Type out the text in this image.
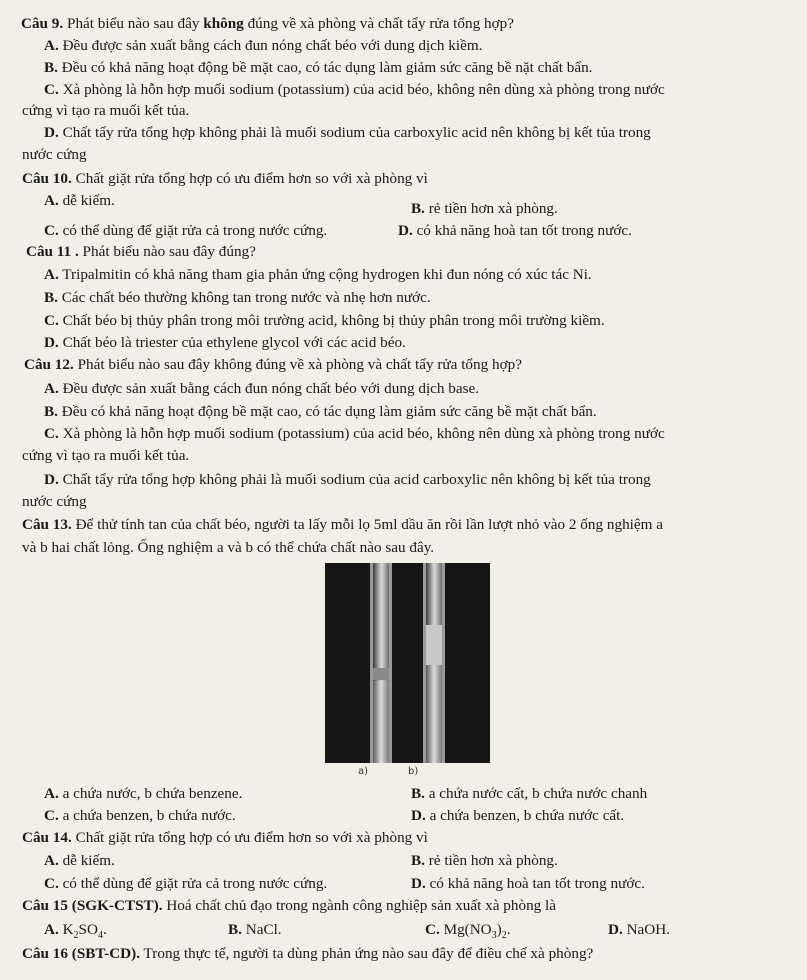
Câu 9. Phát biểu nào sau đây không đúng về xà phòng và chất tẩy rửa tổng hợp?
A. Đều được sản xuất bằng cách đun nóng chất béo với dung dịch kiềm.
B. Đều có khả năng hoạt động bề mặt cao, có tác dụng làm giảm sức căng bề nặt chất bẩn.
C. Xà phòng là hỗn hợp muối sodium (potassium) của acid béo, không nên dùng xà phòng trong nước
cứng vì tạo ra muối kết tủa.
D. Chất tẩy rửa tổng hợp không phải là muối sodium của carboxylic acid nên không bị kết tủa trong
nước cứng
Câu 10. Chất giặt rửa tổng hợp có ưu điểm hơn so với xà phòng vì
A. dễ kiếm.	B. rẻ tiền hơn xà phòng.
C. có thể dùng để giặt rửa cả trong nước cứng.	D. có khả năng hoà tan tốt trong nước.
Câu 11 . Phát biểu nào sau đây đúng?
A. Tripalmitin có khả năng tham gia phản ứng cộng hydrogen khi đun nóng có xúc tác Ni.
B. Các chất béo thường không tan trong nước và nhẹ hơn nước.
C. Chất béo bị thủy phân trong môi trường acid, không bị thủy phân trong môi trường kiềm.
D. Chất béo là triester của ethylene glycol với các acid béo.
Câu 12. Phát biểu nào sau đây không đúng về xà phòng và chất tẩy rửa tổng hợp?
A. Đều được sản xuất bằng cách đun nóng chất béo với dung dịch base.
B. Đều có khả năng hoạt động bề mặt cao, có tác dụng làm giảm sức căng bề mặt chất bẩn.
C. Xà phòng là hỗn hợp muối sodium (potassium) của acid béo, không nên dùng xà phòng trong nước
cứng vì tạo ra muối kết tủa.
D. Chất tẩy rửa tổng hợp không phải là muối sodium của acid carboxylic nên không bị kết tủa trong
nước cứng
Câu 13. Để thử tính tan của chất béo, người ta lấy mỗi lọ 5ml dầu ăn rồi lần lượt nhỏ vào 2 ống nghiệm a
và b hai chất lỏng. Ống nghiệm a và b có thể chứa chất nào sau đây.
a)	b)
A. a chứa nước, b chứa benzene.	B. a chứa nước cất, b chứa nước chanh
C. a chứa benzen, b chứa nước.	D. a chứa benzen, b chứa nước cất.
Câu 14. Chất giặt rửa tổng hợp có ưu điểm hơn so với xà phòng vì
A. dễ kiếm.	B. rẻ tiền hơn xà phòng.
C. có thể dùng để giặt rửa cả trong nước cứng.	D. có khả năng hoà tan tốt trong nước.
Câu 15 (SGK-CTST). Hoá chất chủ đạo trong ngành công nghiệp sản xuất xà phòng là
A. $K_2SO_4$.	B. NaCl.	C. $Mg(NO_3)_2$.	D. NaOH.
Câu 16 (SBT-CD). Trong thực tế, người ta dùng phản ứng nào sau đây để điều chế xà phòng?
